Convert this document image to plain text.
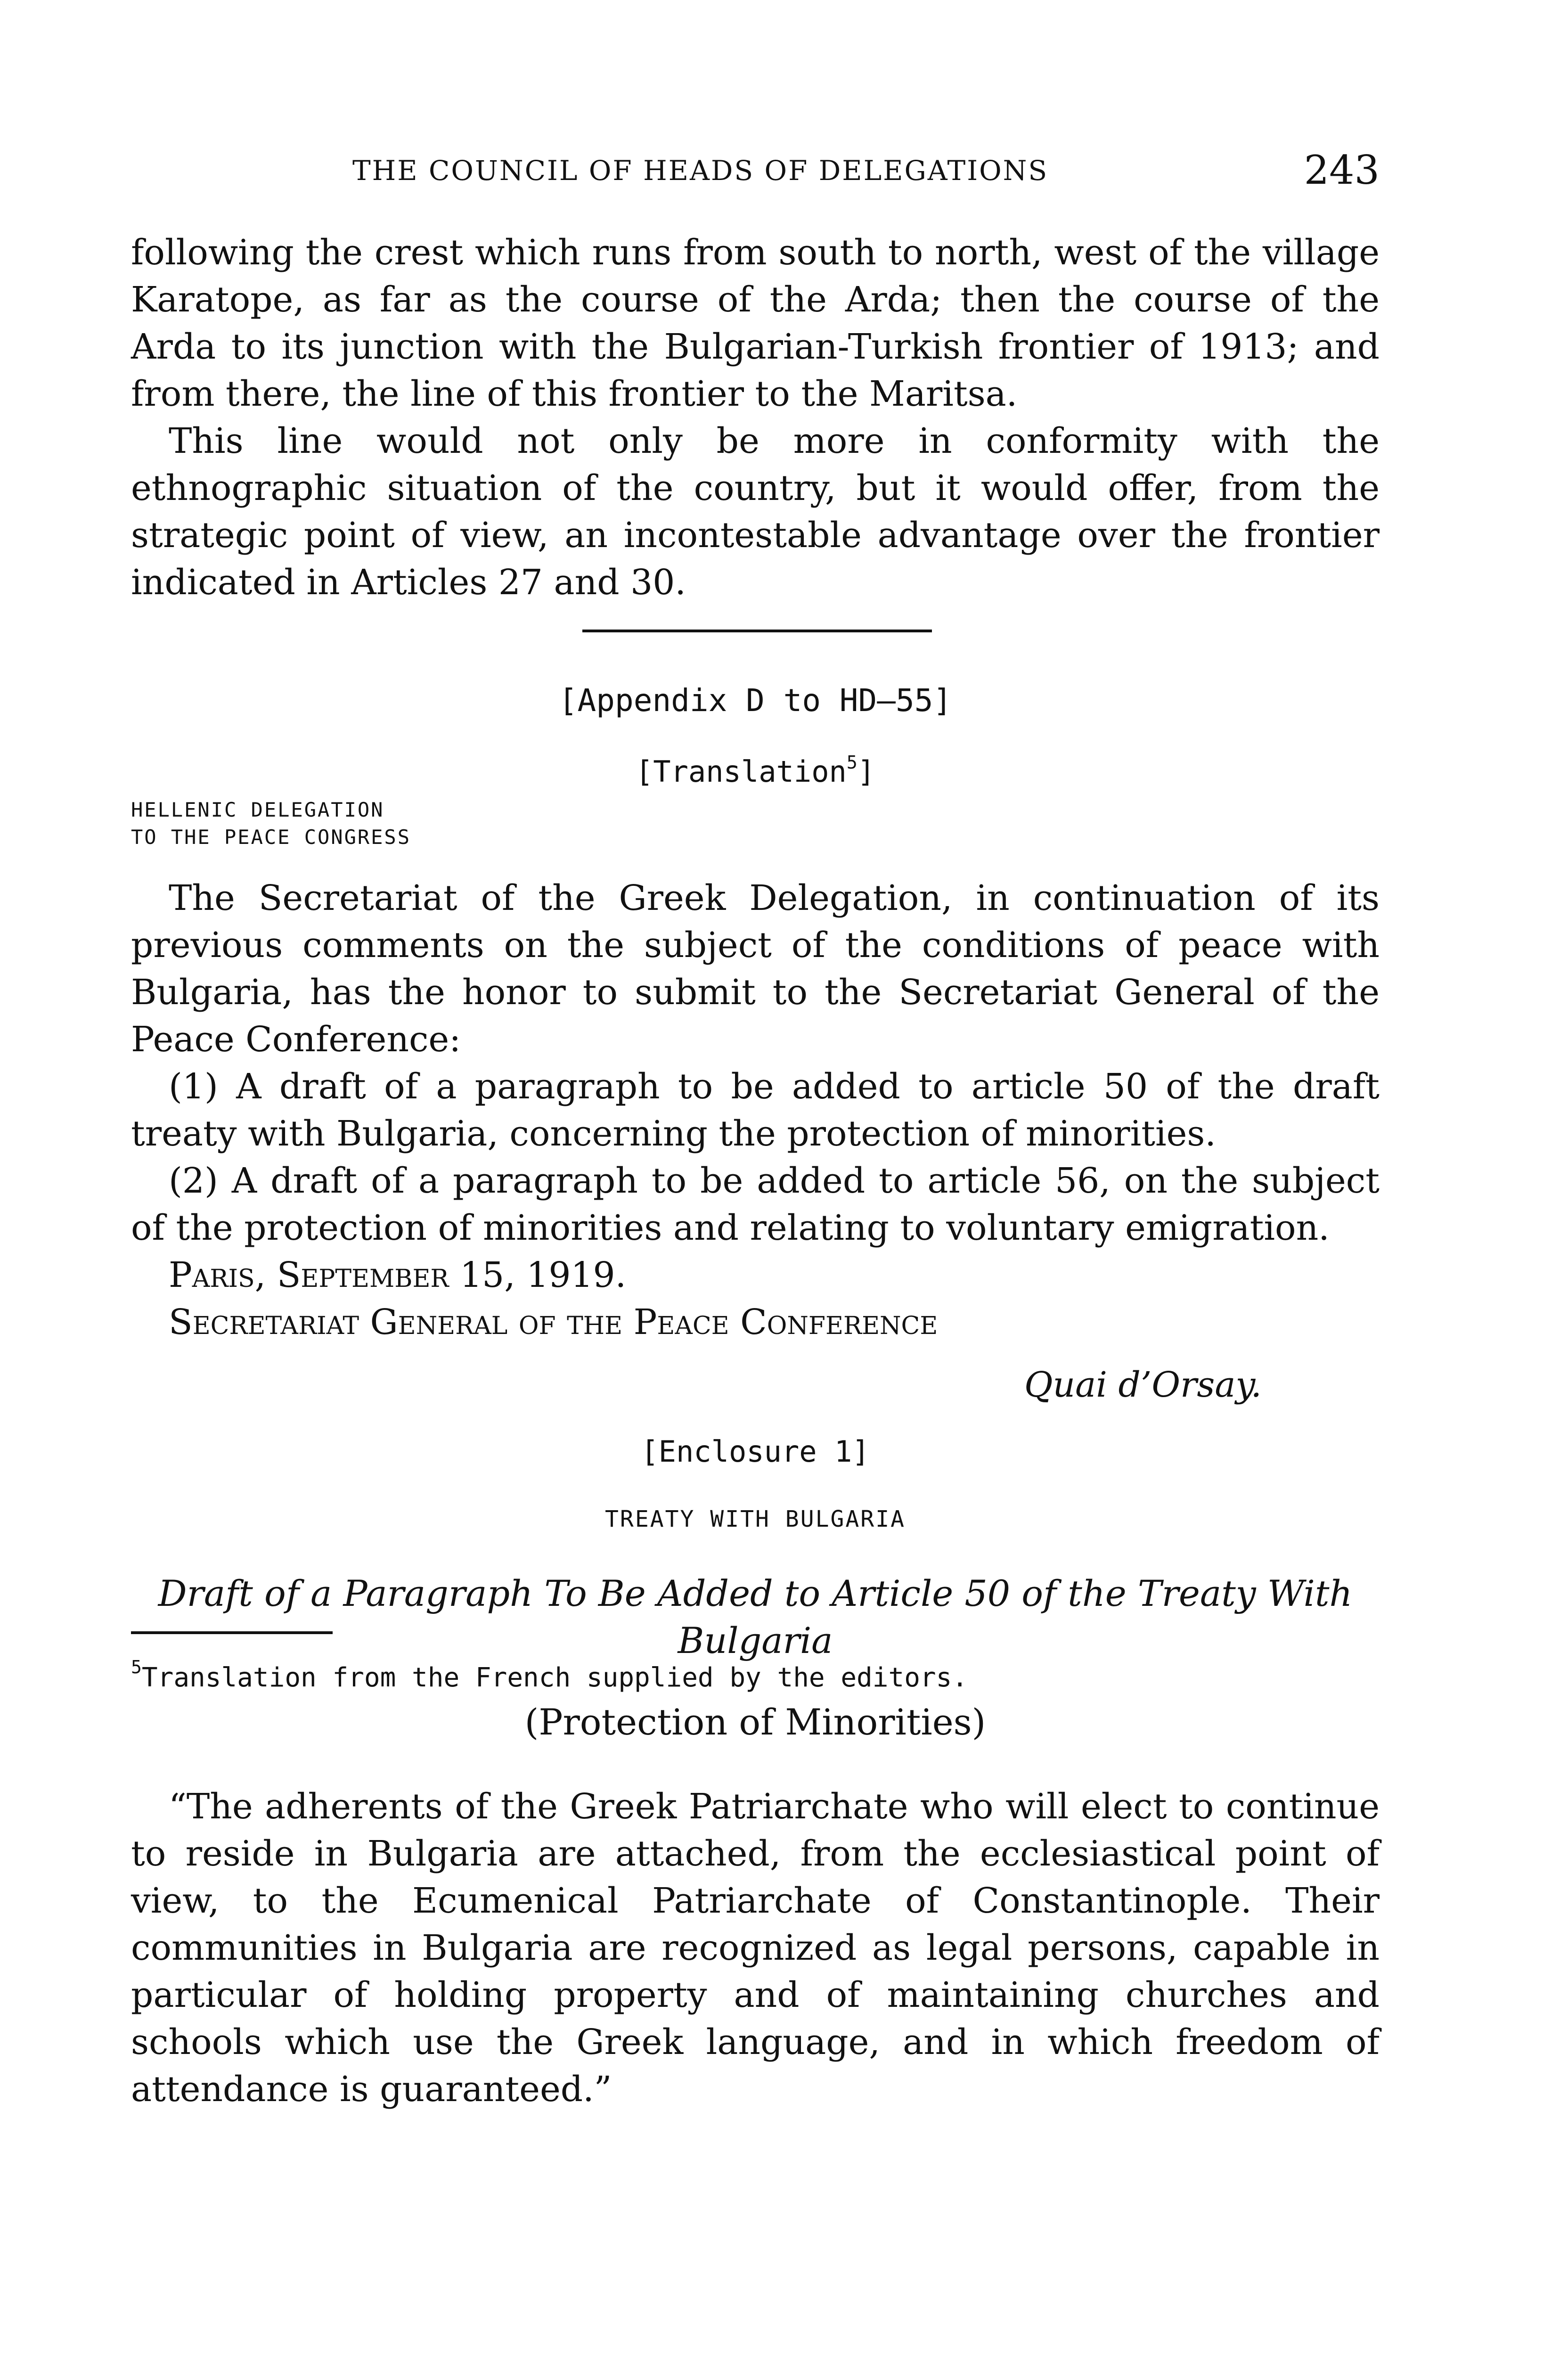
THE COUNCIL OF HEADS OF DELEGATIONS	243

following the crest which runs from south to north, west of the village Karatope, as far as the course of the Arda; then the course of the Arda to its junction with the Bulgarian-Turkish frontier of 1913; and from there, the line of this frontier to the Maritsa.

This line would not only be more in conformity with the ethnographic situation of the country, but it would offer, from the strategic point of view, an incontestable advantage over the frontier indicated in Articles 27 and 30.

[Appendix D to HD–55]
[Translation$^5$]
HELLENIC DELEGATION
TO THE PEACE CONGRESS

The Secretariat of the Greek Delegation, in continuation of its previous comments on the subject of the conditions of peace with Bulgaria, has the honor to submit to the Secretariat General of the Peace Conference:

(1) A draft of a paragraph to be added to article 50 of the draft treaty with Bulgaria, concerning the protection of minorities.

(2) A draft of a paragraph to be added to article 56, on the subject of the protection of minorities and relating to voluntary emigration.

Paris, September 15, 1919.

Secretariat General of the Peace Conference

Quai d’Orsay.
[Enclosure 1]
TREATY WITH BULGARIA
Draft of a Paragraph To Be Added to Article 50 of the Treaty With Bulgaria
(Protection of Minorities)

“The adherents of the Greek Patriarchate who will elect to continue to reside in Bulgaria are attached, from the ecclesiastical point of view, to the Ecumenical Patriarchate of Constantinople. Their communities in Bulgaria are recognized as legal persons, capable in particular of holding property and of maintaining churches and schools which use the Greek language, and in which freedom of attendance is guaranteed.”

$^5$Translation from the French supplied by the editors.
